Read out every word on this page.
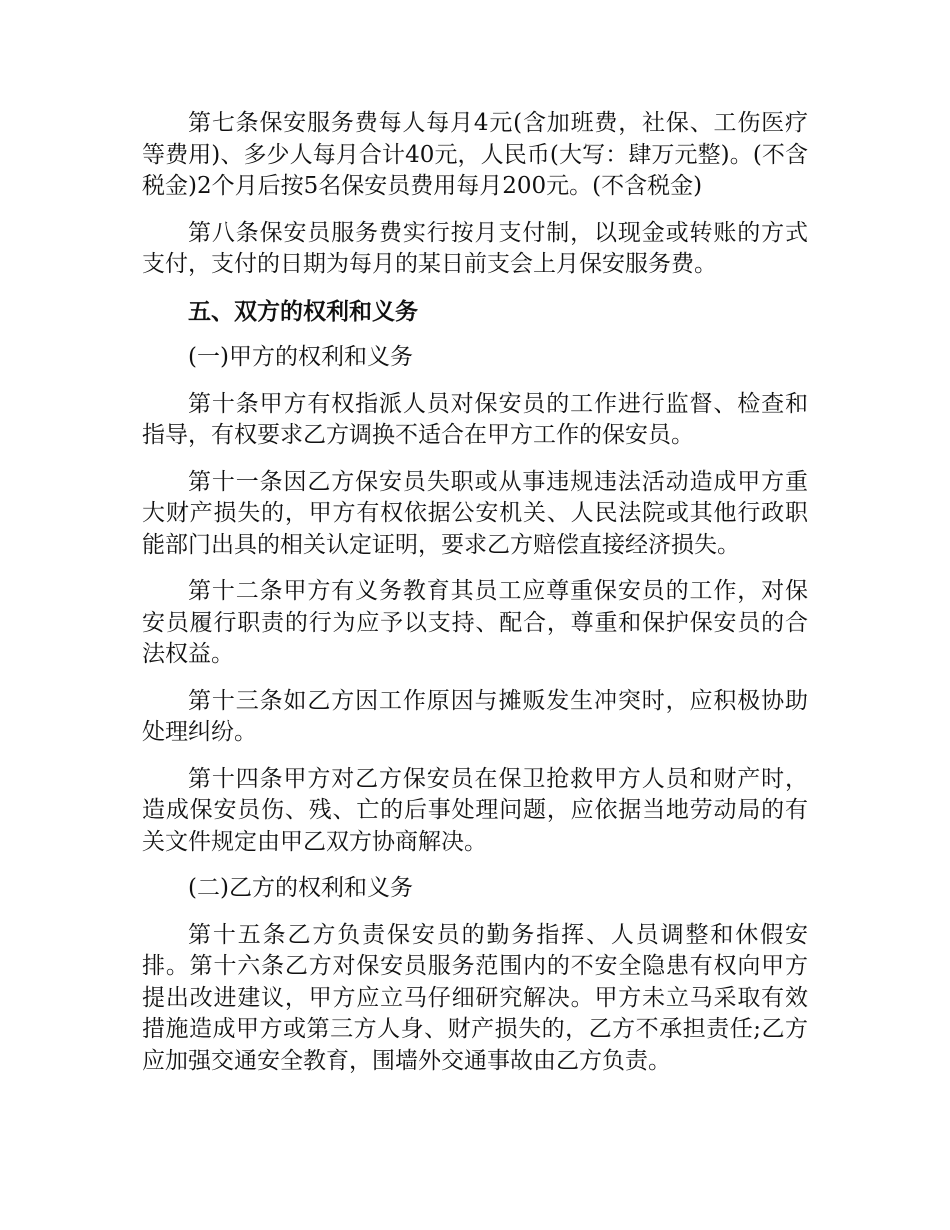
第七条保安服务费每人每月4元(含加班费，社保、工伤医疗等费用)、多少人每月合计40元，人民币(大写：肆万元整)。(不含税金)2个月后按5名保安员费用每月200元。(不含税金)

第八条保安员服务费实行按月支付制，以现金或转账的方式支付，支付的日期为每月的某日前支会上月保安服务费。

五、双方的权利和义务

(一)甲方的权利和义务

第十条甲方有权指派人员对保安员的工作进行监督、检查和指导，有权要求乙方调换不适合在甲方工作的保安员。

第十一条因乙方保安员失职或从事违规违法活动造成甲方重大财产损失的，甲方有权依据公安机关、人民法院或其他行政职能部门出具的相关认定证明，要求乙方赔偿直接经济损失。

第十二条甲方有义务教育其员工应尊重保安员的工作，对保安员履行职责的行为应予以支持、配合，尊重和保护保安员的合法权益。

第十三条如乙方因工作原因与摊贩发生冲突时，应积极协助处理纠纷。

第十四条甲方对乙方保安员在保卫抢救甲方人员和财产时，造成保安员伤、残、亡的后事处理问题，应依据当地劳动局的有关文件规定由甲乙双方协商解决。

(二)乙方的权利和义务

第十五条乙方负责保安员的勤务指挥、人员调整和休假安排。第十六条乙方对保安员服务范围内的不安全隐患有权向甲方提出改进建议，甲方应立马仔细研究解决。甲方未立马采取有效措施造成甲方或第三方人身、财产损失的，乙方不承担责任;乙方应加强交通安全教育，围墙外交通事故由乙方负责。
